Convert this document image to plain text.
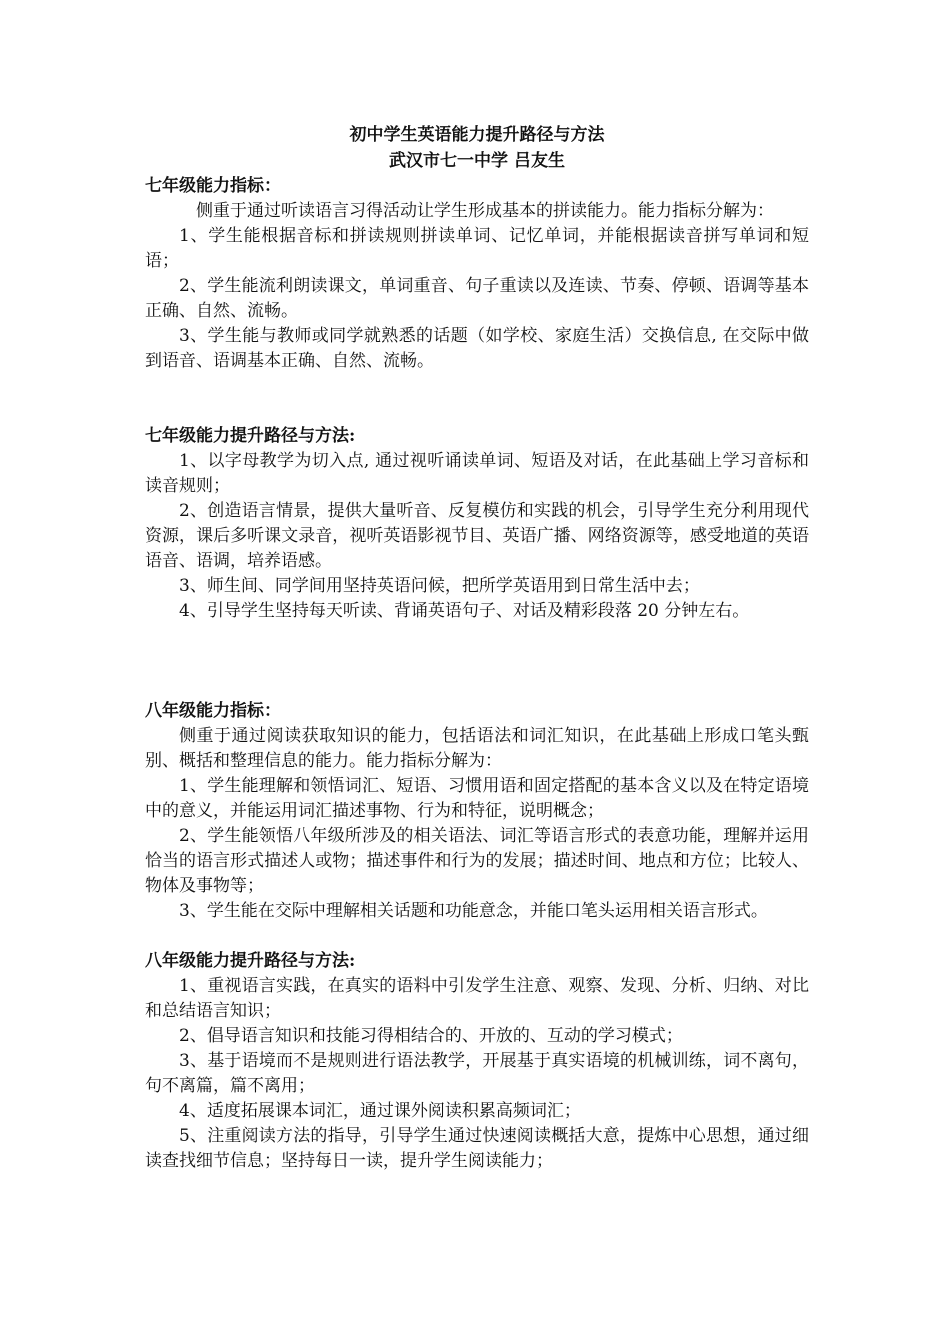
初中学生英语能力提升路径与方法

武汉市七一中学 吕友生

七年级能力指标：

侧重于通过听读语言习得活动让学生形成基本的拼读能力。能力指标分解为：

1、学生能根据音标和拼读规则拼读单词、记忆单词，并能根据读音拼写单词和短语；

2、学生能流利朗读课文，单词重音、句子重读以及连读、节奏、停顿、语调等基本正确、自然、流畅。

3、学生能与教师或同学就熟悉的话题（如学校、家庭生活）交换信息, 在交际中做到语音、语调基本正确、自然、流畅。

七年级能力提升路径与方法:

1、以字母教学为切入点, 通过视听诵读单词、短语及对话，在此基础上学习音标和读音规则；

2、创造语言情景，提供大量听音、反复模仿和实践的机会，引导学生充分利用现代资源，课后多听课文录音，视听英语影视节目、英语广播、网络资源等，感受地道的英语语音、语调，培养语感。

3、师生间、同学间用坚持英语问候，把所学英语用到日常生活中去；

4、引导学生坚持每天听读、背诵英语句子、对话及精彩段落 20 分钟左右。

八年级能力指标：

侧重于通过阅读获取知识的能力，包括语法和词汇知识，在此基础上形成口笔头甄别、概括和整理信息的能力。能力指标分解为：

1、学生能理解和领悟词汇、短语、习惯用语和固定搭配的基本含义以及在特定语境中的意义，并能运用词汇描述事物、行为和特征，说明概念；

2、学生能领悟八年级所涉及的相关语法、词汇等语言形式的表意功能，理解并运用恰当的语言形式描述人或物；描述事件和行为的发展；描述时间、地点和方位；比较人、物体及事物等；

3、学生能在交际中理解相关话题和功能意念，并能口笔头运用相关语言形式。

八年级能力提升路径与方法:

1、重视语言实践，在真实的语料中引发学生注意、观察、发现、分析、归纳、对比和总结语言知识；

2、倡导语言知识和技能习得相结合的、开放的、互动的学习模式；

3、基于语境而不是规则进行语法教学，开展基于真实语境的机械训练，词不离句，句不离篇，篇不离用；

4、适度拓展课本词汇，通过课外阅读积累高频词汇；

5、注重阅读方法的指导，引导学生通过快速阅读概括大意，提炼中心思想，通过细读查找细节信息；坚持每日一读，提升学生阅读能力；
